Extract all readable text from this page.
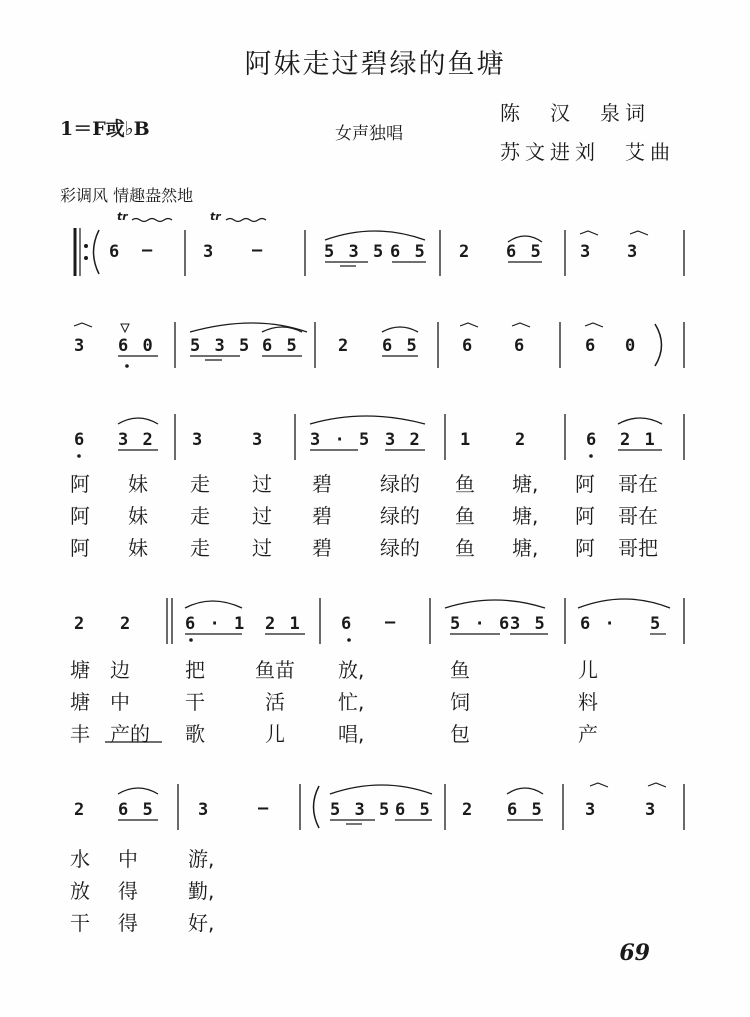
阿妹走过碧绿的鱼塘
1＝F或♭B	女声独唱
陈　汉　泉词
苏文进刘　艾曲
彩调风 情趣盎然地
tr	tr
6 –	3 –	5 3 5 6 5 2 6 5 3 3
3 6 0 5 3 5 6 5 2 6 5	6 6	6 0
6 3 2 3	3	3 · 5 3 2 1	2	6 2 1
阿 妹 走 过 碧 绿的 鱼 塘, 阿 哥在
阿 妹 走 过 碧 绿的 鱼 塘, 阿 哥在
阿 妹 走 过 碧 绿的 鱼 塘, 阿 哥把
2 2	6 · 1 2 1 6 –	5 · 6
3 5 6 · 5
塘 边	把	鱼苗 放,	鱼	儿
塘 中	干	活	忙,	饲	料
丰 产的 歌	儿	唱,	包	产
2 6 5	3	–	5 3 5 6 5 2 6 5 3	3
水 中	游,
放 得	勤,
干 得	好,
69
